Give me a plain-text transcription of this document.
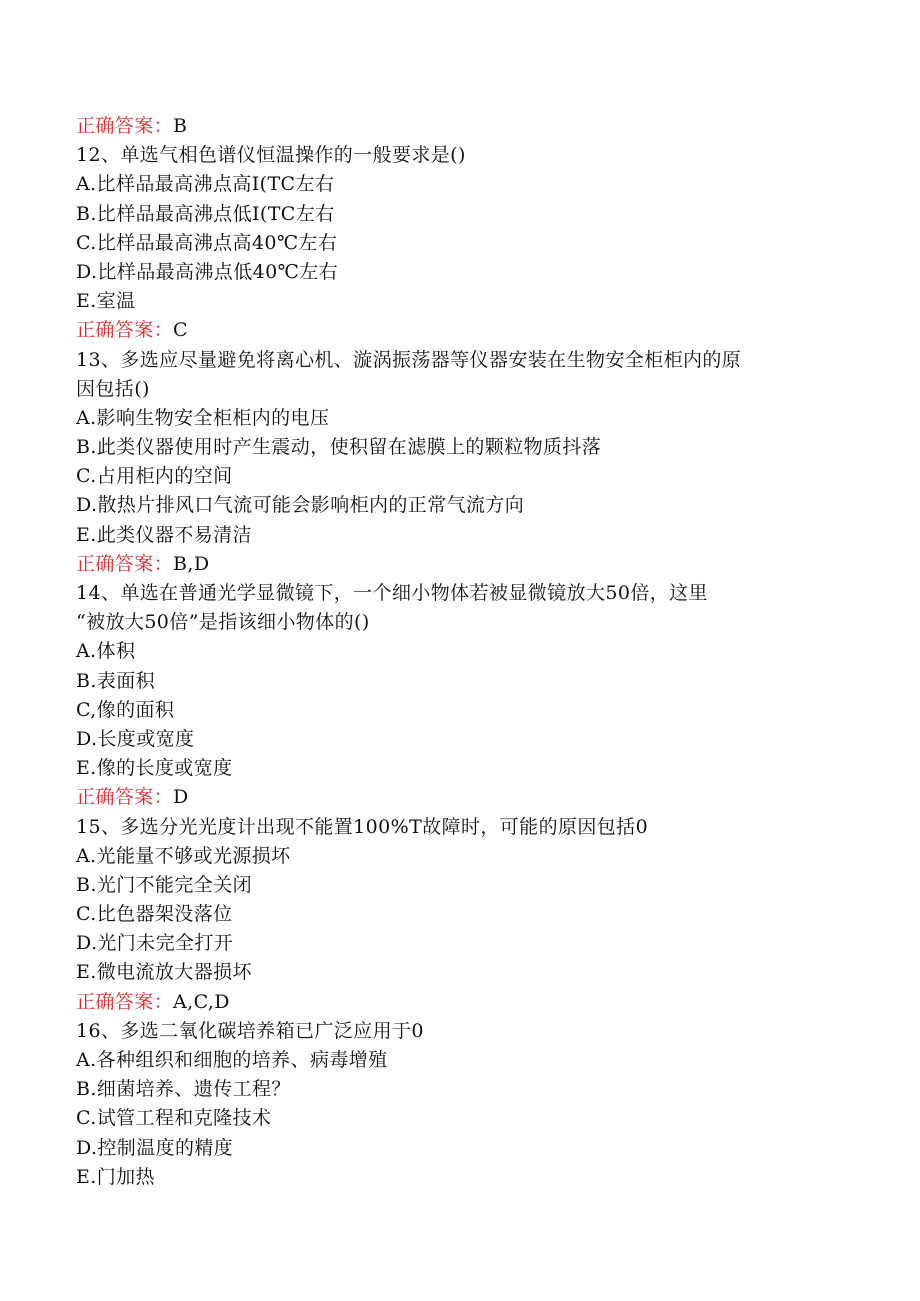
正确答案：B
12、单选气相色谱仪恒温操作的一般要求是()
A.比样品最高沸点高I(TC左右
B.比样品最高沸点低I(TC左右
C.比样品最高沸点高40℃左右
D.比样品最高沸点低40℃左右
E.室温
正确答案：C
13、多选应尽量避免将离心机、漩涡振荡器等仪器安装在生物安全柜柜内的原
因包括()
A.影响生物安全柜柜内的电压
B.此类仪器使用时产生震动，使积留在滤膜上的颗粒物质抖落
C.占用柜内的空间
D.散热片排风口气流可能会影响柜内的正常气流方向
E.此类仪器不易清洁
正确答案：B,D
14、单选在普通光学显微镜下，一个细小物体若被显微镜放大50倍，这里
“被放大50倍”是指该细小物体的()
A.体积
B.表面积
C,像的面积
D.长度或宽度
E.像的长度或宽度
正确答案：D
15、多选分光光度计出现不能置100%T故障时，可能的原因包括0
A.光能量不够或光源损坏
B.光门不能完全关闭
C.比色器架没落位
D.光门未完全打开
E.微电流放大器损坏
正确答案：A,C,D
16、多选二氧化碳培养箱已广泛应用于0
A.各种组织和细胞的培养、病毒增殖
B.细菌培养、遗传工程？
C.试管工程和克隆技术
D.控制温度的精度
E.门加热
